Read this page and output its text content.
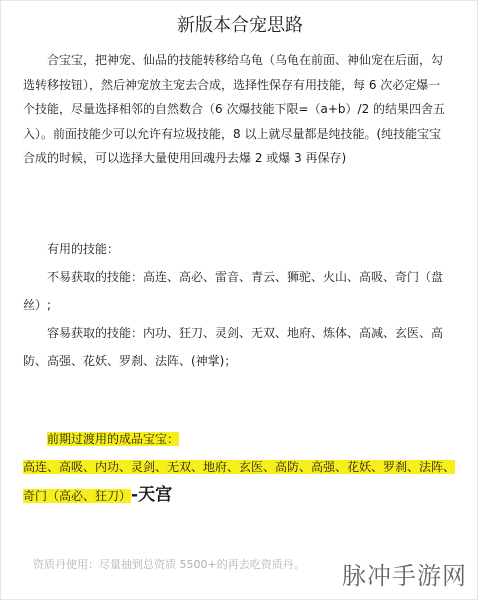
新版本合宠思路

合宝宝，把神宠、仙品的技能转移给乌龟（乌龟在前面、神仙宠在后面，勾
选转移按钮），然后神宠放主宠去合成，选择性保存有用技能，每 6 次必定爆一
个技能，尽量选择相邻的自然数合（6 次爆技能下限=（a+b）/2 的结果四舍五
入）。前面技能少可以允许有垃圾技能，8 以上就尽量都是纯技能。(纯技能宝宝
合成的时候，可以选择大量使用回魂丹去爆 2 或爆 3 再保存)

有用的技能：
不易获取的技能：高连、高必、雷音、青云、狮驼、火山、高吸、奇门（盘
丝）;
容易获取的技能：内功、狂刀、灵剑、无双、地府、炼体、高减、玄医、高
防、高强、花妖、罗刹、法阵、(神掌)；
前期过渡用的成品宝宝：
高连、高吸、内功、灵剑、无双、地府、玄医、高防、高强、花妖、罗刹、法阵、
奇门（高必、狂刀）-天宫
资质丹使用：尽量抽到总资质 5500+的再去吃资质丹。 脉冲手游网
